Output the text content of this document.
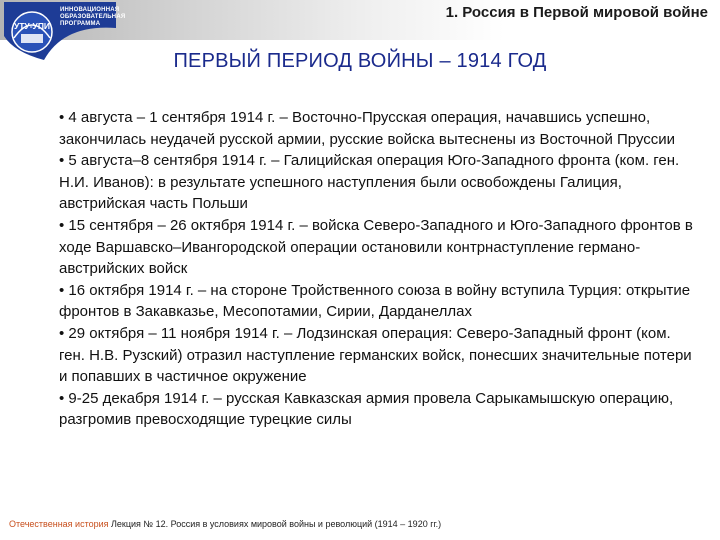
УТУ-УПИ
ИННОВАЦИОННАЯ
ОБРАЗОВАТЕЛЬНАЯ
ПРОГРАММА
1. Россия в Первой мировой войне
ПЕРВЫЙ ПЕРИОД ВОЙНЫ – 1914 ГОД

• 4 августа – 1 сентября 1914 г. – Восточно-Прусская операция, начавшись успешно, закончилась неудачей русской армии, русские войска вытеснены из Восточной Пруссии

• 5 августа–8 сентября 1914 г. – Галицийская операция Юго-Западного фронта (ком. ген. Н.И. Иванов): в результате успешного наступления были освобождены Галиция, австрийская часть Польши

• 15 сентября – 26 октября 1914 г. – войска Северо-Западного и Юго-Западного фронтов в ходе Варшавско–Ивангородской операции остановили контрнаступление германо-австрийских войск

• 16 октября 1914 г. – на стороне Тройственного союза в войну вступила Турция: открытие фронтов в Закавказье, Месопотамии, Сирии, Дарданеллах

• 29 октября – 11 ноября 1914 г. – Лодзинская операция: Северо-Западный фронт (ком. ген. Н.В. Рузский) отразил наступление германских войск, понесших значительные потери и попавших в частичное окружение

• 9-25 декабря 1914 г. – русская Кавказская армия провела Сарыкамышскую операцию, разгромив превосходящие турецкие силы

Отечественная история Лекция № 12. Россия в условиях мировой войны и революций (1914 – 1920 гг.)
